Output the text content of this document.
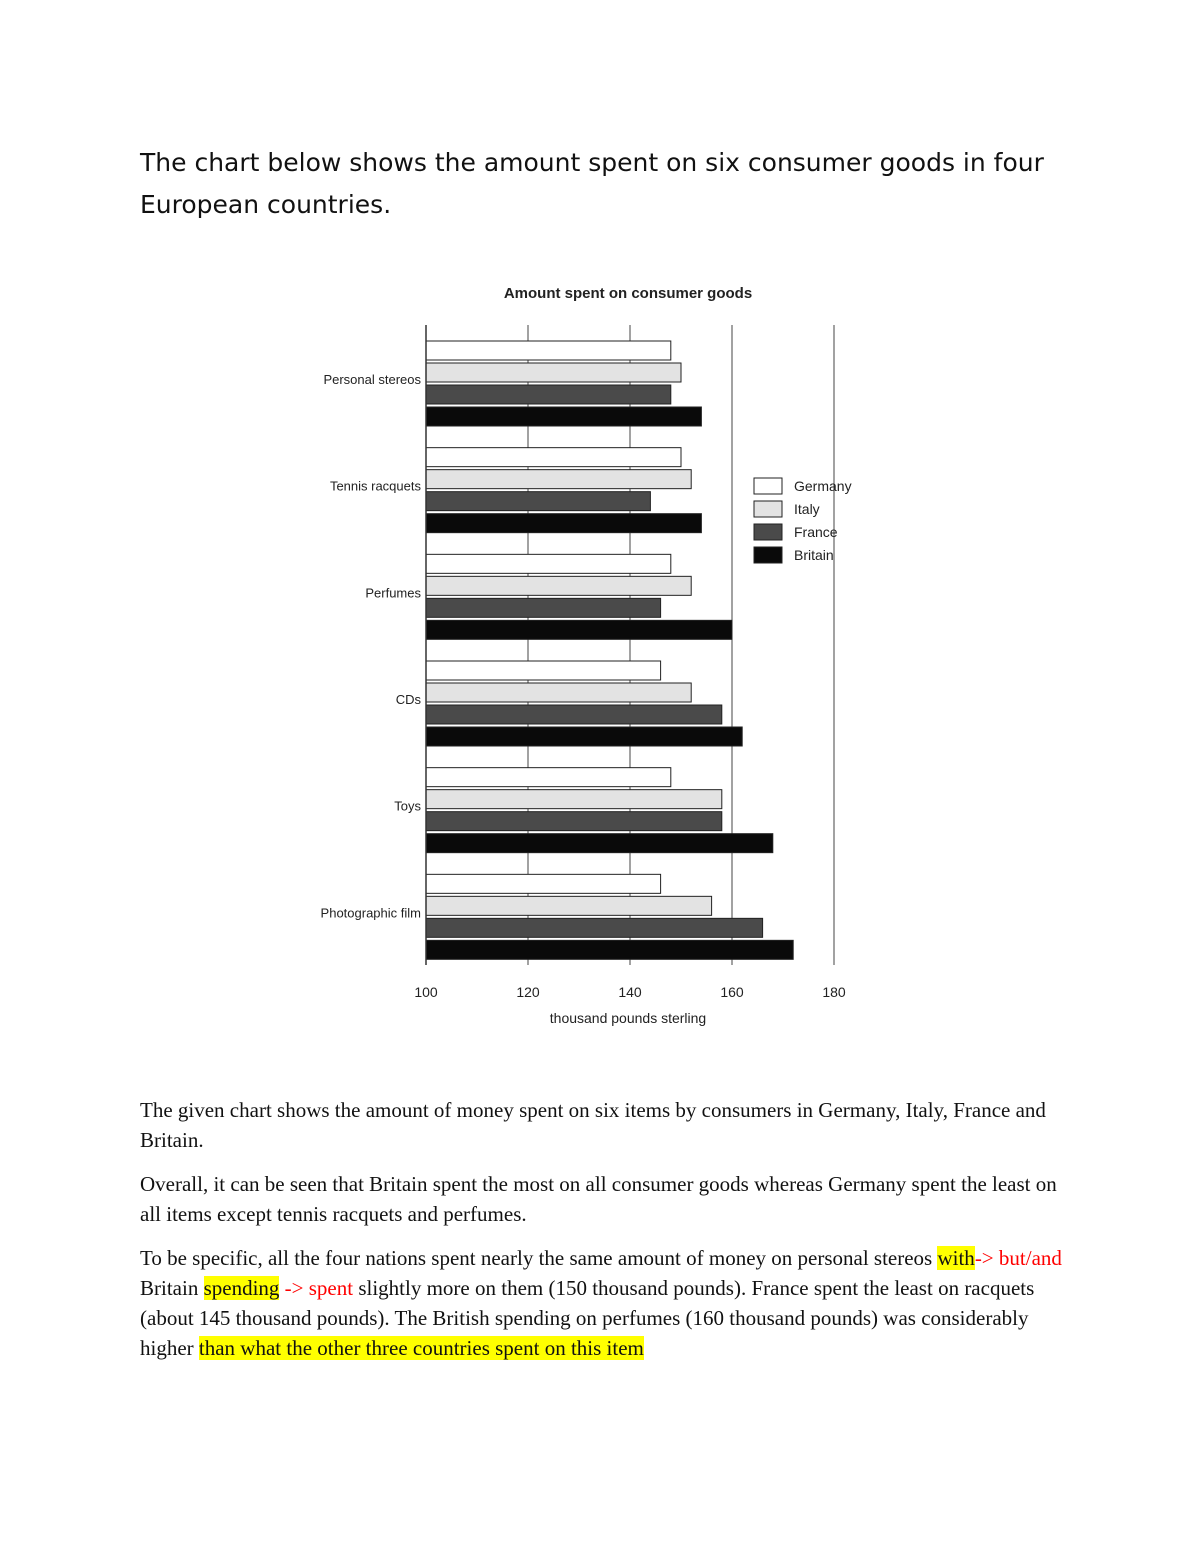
The chart below shows the amount spent on six consumer goods in four European countries.
Amount spent on consumer goods
Personal stereos
Tennis racquets
Perfumes
CDs
Toys
Photographic film
100	120	140	160	180
thousand pounds sterling
Germany
Italy
France
Britain

The given chart shows the amount of money spent on six items by consumers in Germany, Italy, France and Britain.

Overall, it can be seen that Britain spent the most on all consumer goods whereas Germany spent the least on all items except tennis racquets and perfumes.

To be specific, all the four nations spent nearly the same amount of money on personal stereos with-> but/and Britain spending -> spent slightly more on them (150 thousand pounds). France spent the least on racquets (about 145 thousand pounds). The British spending on perfumes (160 thousand pounds) was considerably higher than what the other three countries spent on this item
